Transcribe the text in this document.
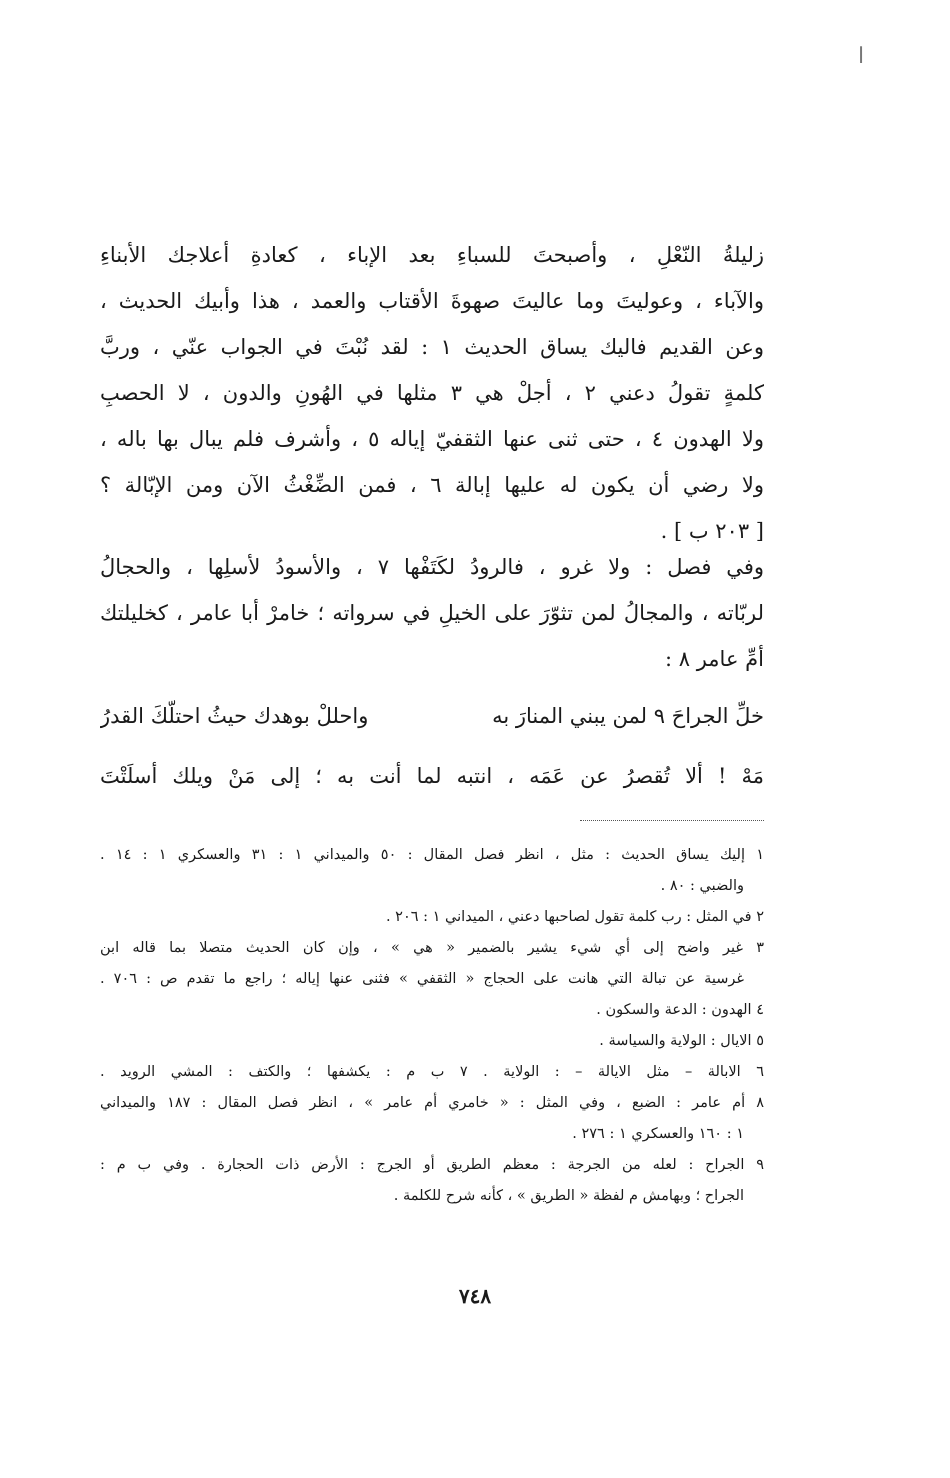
ا
زليلةُ النّعْلِ ، وأصبحتَ للسباءِ بعد الإباء ، كعادةِ أعلاجك الأبناءِ
والآباء ، وعوليتَ وما عاليتَ صهوةَ الأقتاب والعمد ، هذا وأبيك الحديث ،
وعن القديم فاليك يساق الحديث ١ : لقد نُبْتَ في الجواب عنّي ، وربَّ
كلمةٍ تقولُ دعني ٢ ، أجلْ هي ٣ مثلها في الهُونِ والدون ، لا الحصبِ
ولا الهدون ٤ ، حتى ثنى عنها الثقفيّ إياله ٥ ، وأشرف فلم يبال بها باله ،
ولا رضي أن يكون له عليها إبالة ٦ ، فمن الضِّغْثُ الآن ومن الإبّالة ؟
[ ٢٠٣ ب ] .
وفي فصل : ولا غرو ، فالرودُ لكَتَفْها ٧ ، والأسودُ لأسلِها ، والحجالُ
لربّاته ، والمجالُ لمن تثوّرَ على الخيلِ في سرواته ؛ خامرْ أبا عامر ، كخليلتك
أمِّ عامر ٨ :
خلِّ الجراحَ ٩ لمن يبني المنارَ به
واحللْ بوهدك حيثُ احتلّكَ القدرُ
مَهْ ! ألا تُقصرُ عن عَمَه ، انتبه لما أنت به ؛ إلى مَنْ ويلك أسلَتْتَ
١ إليك يساق الحديث : مثل ، انظر فصل المقال : ٥٠ والميداني ١ : ٣١ والعسكري ١ : ١٤ .
والضبي : ٨٠ .
٢ في المثل : رب كلمة تقول لصاحبها دعني ، الميداني ١ : ٢٠٦ .
٣ غير واضح إلى أي شيء يشير بالضمير « هي » ، وإن كان الحديث متصلا بما قاله ابن
غرسية عن تبالة التي هانت على الحجاج « الثقفي » فثنى عنها إياله ؛ راجع ما تقدم ص : ٧٠٦ .
٤ الهدون : الدعة والسكون .
٥ الايال : الولاية والسياسة .
٦ الابالة – مثل الايالة – : الولاية . ٧ ب م : يكشفها ؛ والكتف : المشي الرويد .
٨ أم عامر : الضبع ، وفي المثل : « خامري أم عامر » ، انظر فصل المقال : ١٨٧ والميداني
١ : ١٦٠ والعسكري ١ : ٢٧٦ .
٩ الجراح : لعله من الجرجة : معظم الطريق أو الجرج : الأرض ذات الحجارة . وفي ب م :
الجراح ؛ وبهامش م لفظة « الطريق » ، كأنه شرح للكلمة .
٧٤٨
